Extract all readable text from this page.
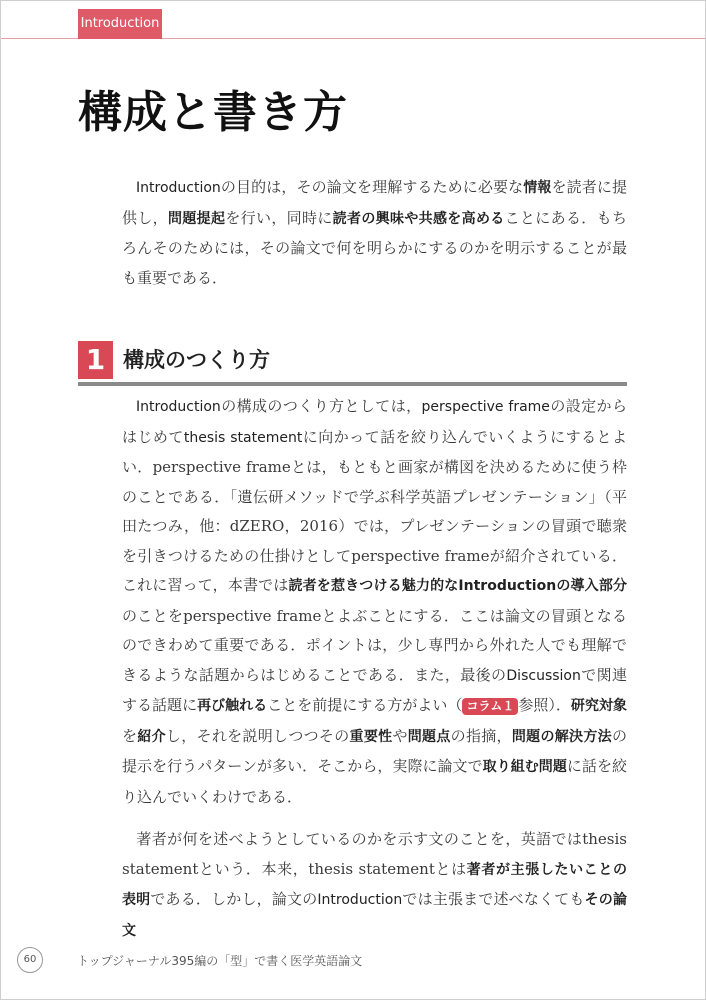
Introduction
構成と書き方

Introductionの目的は，その論文を理解するために必要な情報を読者に提供し，問題提起を行い，同時に読者の興味や共感を高めることにある．もちろんそのためには，その論文で何を明らかにするのかを明示することが最も重要である．

1 構成のつくり方

Introductionの構成のつくり方としては，perspective frameの設定からはじめてthesis statementに向かって話を絞り込んでいくようにするとよい．perspective frameとは，もともと画家が構図を決めるために使う枠のことである．「遺伝研メソッドで学ぶ科学英語プレゼンテーション」（平田たつみ，他：dZERO，2016）では，プレゼンテーションの冒頭で聴衆を引きつけるための仕掛けとしてperspective frameが紹介されている．これに習って，本書では読者を惹きつける魅力的なIntroductionの導入部分のことをperspective frameとよぶことにする．ここは論文の冒頭となるのできわめて重要である．ポイントは，少し専門から外れた人でも理解できるような話題からはじめることである．また，最後のDiscussionで関連する話題に再び触れることを前提にする方がよい（ コラム１ 参照）．研究対象を紹介し，それを説明しつつその重要性や問題点の指摘，問題の解決方法の提示を行うパターンが多い．そこから，実際に論文で取り組む問題に話を絞り込んでいくわけである．

著者が何を述べようとしているのかを示す文のことを，英語ではthesis statementという．本来，thesis statementとは著者が主張したいことの表明である．しかし，論文のIntroductionでは主張まで述べなくてもその論文

60	トップジャーナル395編の「型」で書く医学英語論文
